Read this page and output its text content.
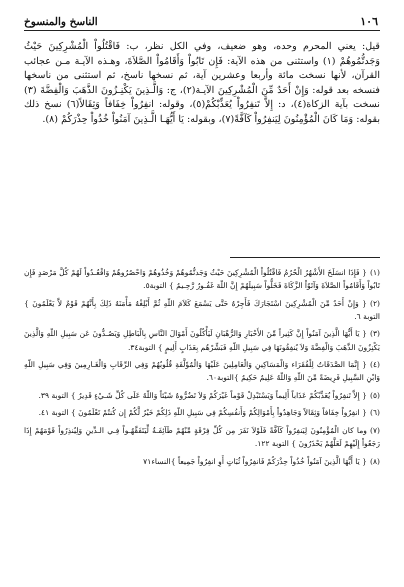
١٠٦
الناسخ والمنسوخ

قيل: يعني المحرم وحده، وهو ضعيف، وفي الكل نظر، ب: فَاقْتُلُواْ الْمُشْرِكِينَ حَيْثُ وَجَدتُّمُوهُمْ (١) واستثنى من هذه الآية: فَإِن تَابُواْ وَأَقَامُواْ الصَّلاَةَ، وهـذه الآيـة مـن عجائب القرآن، لأنها نسخت مائة وأربعا وعشرين آية، ثم نسخها ناسخ، ثم استثنى من ناسخها فنسخه بعد قوله: وَإِنْ أَحَدٌ مِّنَ الْمُشْرِكِينَ الآيـة(٢)، ج: وَالَّـذِينَ يَكْنِـزُونَ الذَّهَبَ وَالْفِضَّةَ (٣) نسخت بآية الزكاة(٤)، د: إِلاَّ تَنفِرُواْ يُعَذِّبْكُمْ(٥)، وقوله: انفِرُواْ خِفَافاً وَثِقَالاً(٦) نسخ ذلك بقوله: وَمَا كَانَ الْمُؤْمِنُونَ لِيَنفِرُواْ كَآفَّةً(٧)، وبقوله: يَا أَيُّهَـا الَّـذِينَ آمَنُواْ خُذُواْ حِذْرَكُمْ (٨).

(١){ فَإِذَا انسَلَخَ الأَشْهُرُ الْحُرُمُ فَاقْتُلُواْ الْمُشْرِكِينَ حَيْثُ وَجَدتُّمُوهُمْ وَخُذُوهُمْ وَاحْصُرُوهُمْ وَاقْعُـدُواْ لَهُمْ كُلَّ مَرْصَدٍ فَإِن تَابُواْ وَأَقَامُواْ الصَّلاَةَ وَآتَوُاْ الزَّكَاةَ فَخَلُّواْ سَبِيلَهُمْ إِنَّ اللّهَ غَفُـورٌ رَّحِـيمٌ } التوبة٥.

(٢){ وَإِنْ أَحَدٌ مِّنَ الْمُشْرِكِينَ اسْتَجَارَكَ فَأَجِرْهُ حَتَّى يَسْمَعَ كَلاَمَ اللّهِ ثُمَّ أَبْلِغْهُ مَأْمَنَهُ ذَلِكَ بِأَنَّهُمْ قَوْمٌ لاَّ يَعْلَمُونَ } التوبة ٦.

(٣){ يَا أَيُّهَا الَّذِينَ آمَنُواْ إِنَّ كَثِيراً مِّنَ الأَحْبَارِ وَالرُّهْبَانِ لَيَأْكُلُونَ أَمْوَالَ النَّاسِ بِالْبَاطِلِ وَيَصُـدُّونَ عَن سَبِيلِ اللّهِ وَالَّذِينَ يَكْنِزُونَ الذَّهَبَ وَالْفِضَّةَ وَلاَ يُنفِقُونَهَا فِي سَبِيلِ اللّهِ فَبَشِّرْهُم بِعَذَابٍ أَلِيمٍ } التوبة٣٤.

(٤){ إِنَّمَا الصَّدَقَاتُ لِلْفُقَرَاء وَالْمَسَاكِينِ وَالْعَامِلِينَ عَلَيْهَا وَالْمُؤَلَّفَةِ قُلُوبُهُمْ وَفِي الرِّقَابِ وَالْغَـارِمِينَ وَفِي سَبِيلِ اللّهِ وَابْنِ السَّبِيلِ فَرِيضَةً مِّنَ اللّهِ وَاللّهُ عَلِيمٌ حَكِيمٌ }التوبة٦٠.

(٥){ إِلاَّ تَنفِرُواْ يُعَذِّبْكُمْ عَذَاباً أَلِيماً وَيَسْتَبْدِلْ قَوْماً غَيْرَكُمْ وَلاَ تَضُرُّوهُ شَيْئاً وَاللّهُ عَلَى كُلِّ شَـيْءٍ قَدِيرٌ } التوبة ٣٩.

(٦){ انفِرُواْ خِفَافاً وَثِقَالاً وَجَاهِدُواْ بِأَمْوَالِكُمْ وَأَنفُسِكُمْ فِي سَبِيلِ اللّهِ ذَلِكُمْ خَيْرٌ لَّكُمْ إِن كُنتُمْ تَعْلَمُونَ } التوبة ٤١.

(٧)وما كان الْمُؤْمِنُونَ لِيَنفِرُواْ كَآفَّةً فَلَوْلاَ نَفَرَ مِن كُلِّ فِرْقَةٍ مِّنْهُمْ طَآئِفَـةٌ لِّيَتَفَقَّهُـواْ فِـي الـدِّينِ وَلِيُنذِرُواْ قَوْمَهُمْ إِذَا رَجَعُواْ إِلَيْهِمْ لَعَلَّهُمْ يَحْذَرُونَ } التوبة ١٢٢.

(٨){ يَا أَيُّهَا الَّذِينَ آمَنُواْ خُذُواْ حِذْرَكُمْ فَانفِرُواْ ثُبَاتٍ أَوِ انفِرُواْ جَمِيعاً }النساء٧١
